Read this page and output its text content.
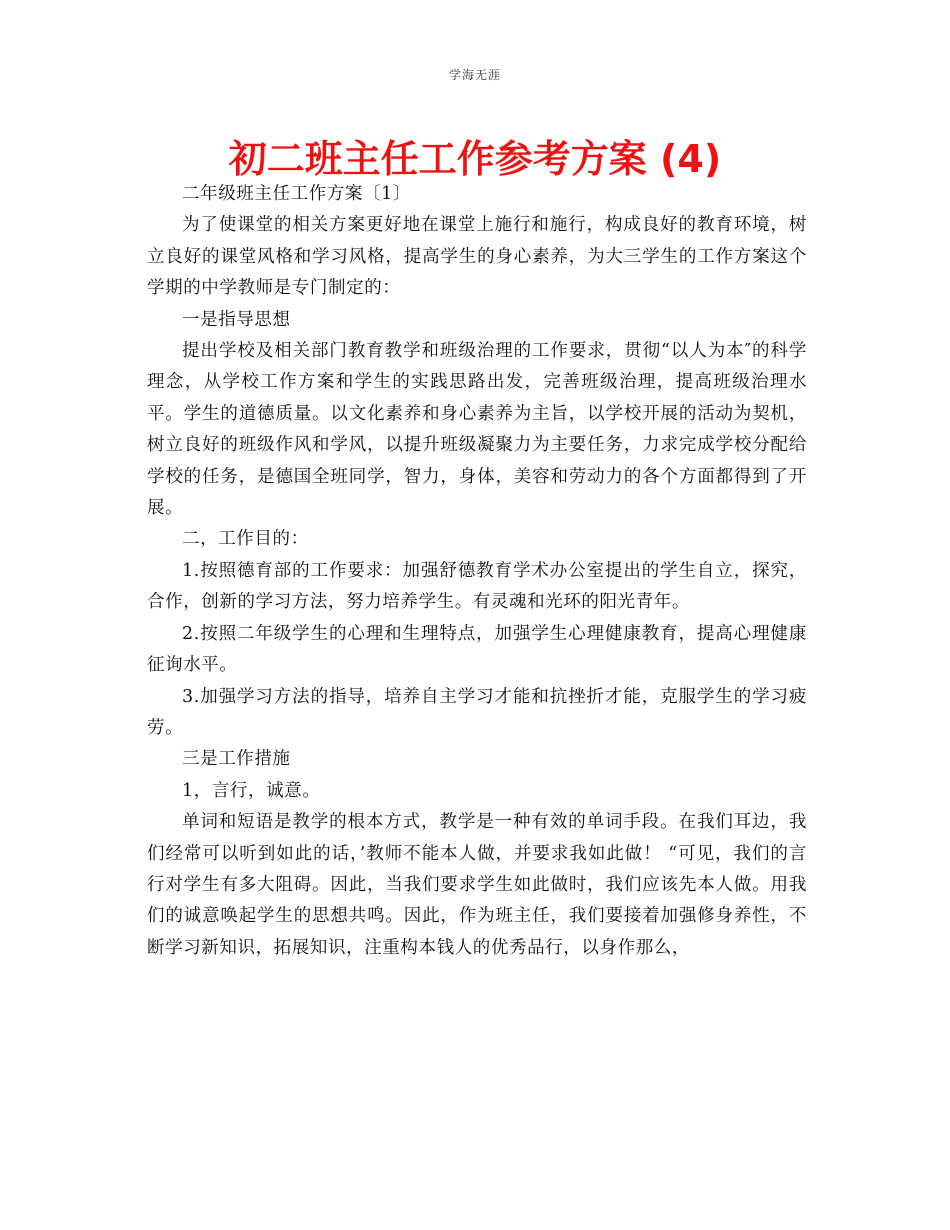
学海无涯
初二班主任工作参考方案 (4)

二年级班主任工作方案〔1〕

为了使课堂的相关方案更好地在课堂上施行和施行，构成良好的教育环境，树立良好的课堂风格和学习风格，提高学生的身心素养，为大三学生的工作方案这个学期的中学教师是专门制定的：

一是指导思想

提出学校及相关部门教育教学和班级治理的工作要求，贯彻“以人为本″的科学理念，从学校工作方案和学生的实践思路出发，完善班级治理，提高班级治理水平。学生的道德质量。以文化素养和身心素养为主旨，以学校开展的活动为契机，树立良好的班级作风和学风，以提升班级凝聚力为主要任务，力求完成学校分配给学校的任务，是德国全班同学，智力，身体，美容和劳动力的各个方面都得到了开展。

二，工作目的：

1.按照德育部的工作要求：加强舒德教育学术办公室提出的学生自立，探究，合作，创新的学习方法，努力培养学生。有灵魂和光环的阳光青年。

2.按照二年级学生的心理和生理特点，加强学生心理健康教育，提高心理健康征询水平。

3.加强学习方法的指导，培养自主学习才能和抗挫折才能，克服学生的学习疲劳。

三是工作措施

1，言行，诚意。

单词和短语是教学的根本方式，教学是一种有效的单词手段。在我们耳边，我们经常可以听到如此的话，’教师不能本人做，并要求我如此做！ “可见，我们的言行对学生有多大阻碍。因此，当我们要求学生如此做时，我们应该先本人做。用我们的诚意唤起学生的思想共鸣。因此，作为班主任，我们要接着加强修身养性，不断学习新知识，拓展知识，注重构本钱人的优秀品行，以身作那么，
